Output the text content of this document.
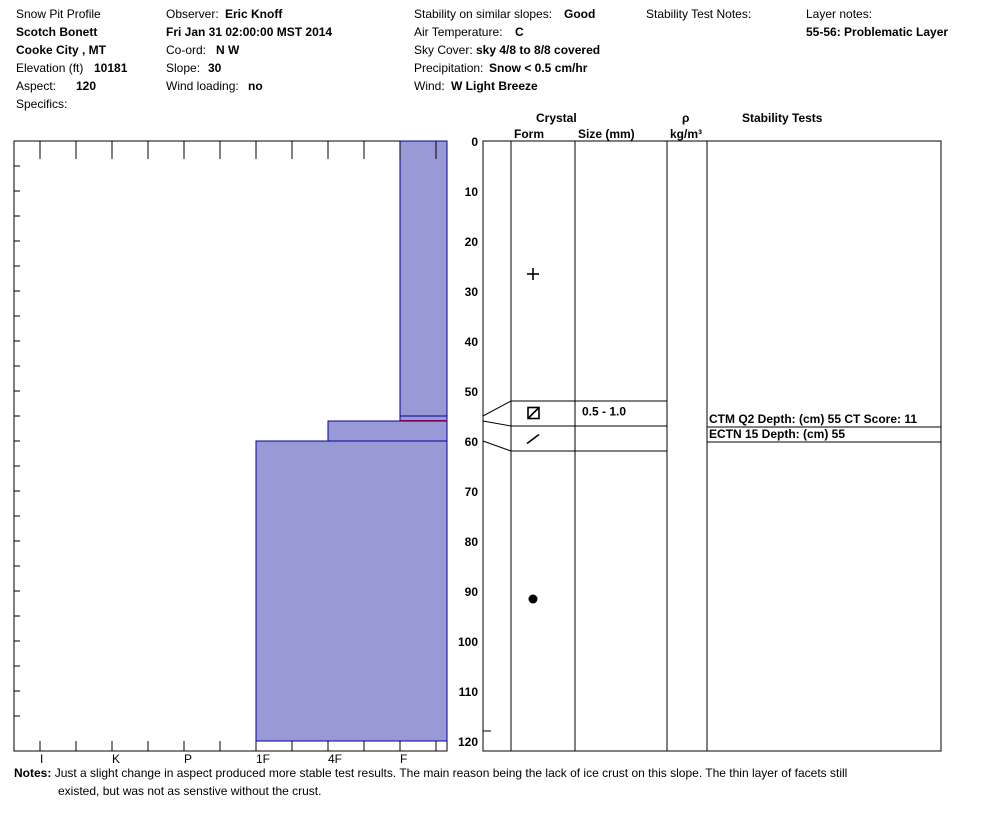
Snow Pit Profile
Scotch Bonett
Cooke City , MT
Elevation (ft) 10181
Aspect: 120
Specifics:
Observer: Eric Knoff
Fri Jan 31 02:00:00 MST 2014
Co-ord: N W
Slope: 30
Wind loading: no
Stability on similar slopes: Good
Air Temperature: C
Sky Cover: sky 4/8 to 8/8 covered
Precipitation: Snow < 0.5 cm/hr
Wind: W Light Breeze
Stability Test Notes:	Layer notes:
55-56: Problematic Layer
Crystal
Form	Size (mm)
ρ
kg/m³
Stability Tests
I	K	P	1F	4F	F
0
10
20
30
40
50
60
70
80
90
100
110
120
0.5 - 1.0
CTM Q2 Depth: (cm) 55 CT Score: 11
ECTN 15 Depth: (cm) 55
Notes: Just a slight change in aspect produced more stable test results. The main reason being the lack of ice crust on this slope. The thin layer of facets still
existed, but was not as senstive without the crust.
